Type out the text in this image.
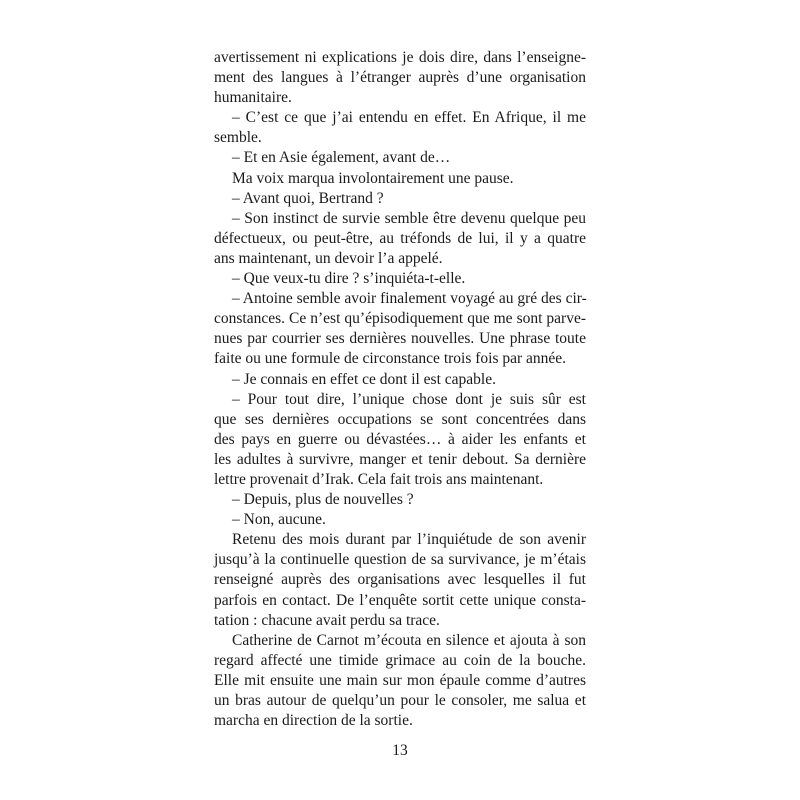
avertissement ni explications je dois dire, dans l’enseigne-
ment des langues à l’étranger auprès d’une organisation
humanitaire.
– C’est ce que j’ai entendu en effet. En Afrique, il me
semble.
– Et en Asie également, avant de…
Ma voix marqua involontairement une pause.
– Avant quoi, Bertrand ?
– Son instinct de survie semble être devenu quelque peu
défectueux, ou peut-être, au tréfonds de lui, il y a quatre
ans maintenant, un devoir l’a appelé.
– Que veux-tu dire ? s’inquiéta-t-elle.
– Antoine semble avoir finalement voyagé au gré des cir-
constances. Ce n’est qu’épisodiquement que me sont parve-
nues par courrier ses dernières nouvelles. Une phrase toute
faite ou une formule de circonstance trois fois par année.
– Je connais en effet ce dont il est capable.
– Pour tout dire, l’unique chose dont je suis sûr est
que ses dernières occupations se sont concentrées dans
des pays en guerre ou dévastées… à aider les enfants et
les adultes à survivre, manger et tenir debout. Sa dernière
lettre provenait d’Irak. Cela fait trois ans maintenant.
– Depuis, plus de nouvelles ?
– Non, aucune.
Retenu des mois durant par l’inquiétude de son avenir
jusqu’à la continuelle question de sa survivance, je m’étais
renseigné auprès des organisations avec lesquelles il fut
parfois en contact. De l’enquête sortit cette unique consta-
tation : chacune avait perdu sa trace.
Catherine de Carnot m’écouta en silence et ajouta à son
regard affecté une timide grimace au coin de la bouche.
Elle mit ensuite une main sur mon épaule comme d’autres
un bras autour de quelqu’un pour le consoler, me salua et
marcha en direction de la sortie.
13
